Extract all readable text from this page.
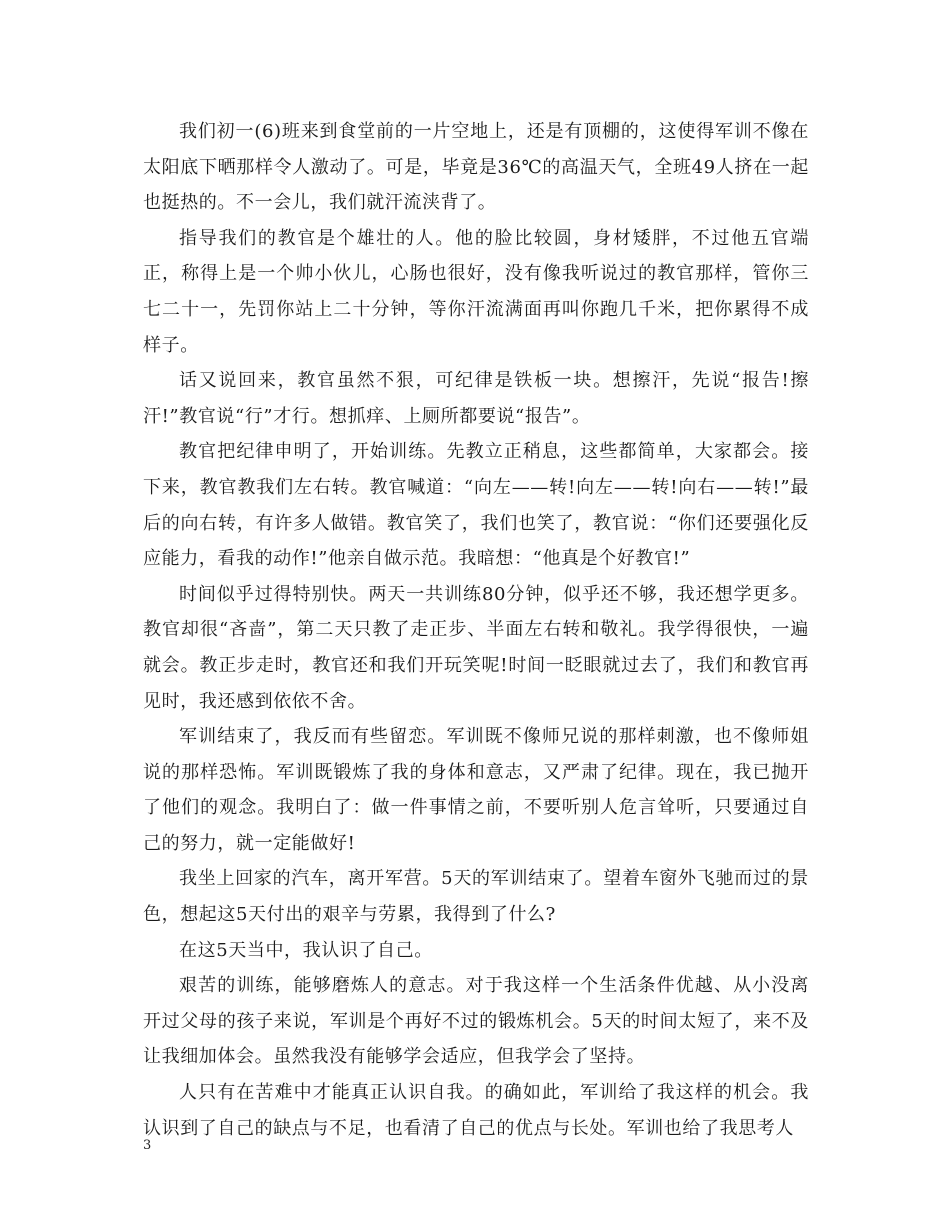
我们初一(6)班来到食堂前的一片空地上，还是有顶棚的，这使得军训不像在太阳底下晒那样令人激动了。可是，毕竟是36℃的高温天气，全班49人挤在一起也挺热的。不一会儿，我们就汗流浃背了。

指导我们的教官是个雄壮的人。他的脸比较圆，身材矮胖，不过他五官端正，称得上是一个帅小伙儿，心肠也很好，没有像我听说过的教官那样，管你三七二十一，先罚你站上二十分钟，等你汗流满面再叫你跑几千米，把你累得不成样子。

话又说回来，教官虽然不狠，可纪律是铁板一块。想擦汗，先说“报告!擦汗!”教官说“行”才行。想抓痒、上厕所都要说“报告”。

教官把纪律申明了，开始训练。先教立正稍息，这些都简单，大家都会。接下来，教官教我们左右转。教官喊道：“向左——转!向左——转!向右——转!”最后的向右转，有许多人做错。教官笑了，我们也笑了，教官说：“你们还要强化反应能力，看我的动作!”他亲自做示范。我暗想：“他真是个好教官!”

时间似乎过得特别快。两天一共训练80分钟，似乎还不够，我还想学更多。教官却很“吝啬”，第二天只教了走正步、半面左右转和敬礼。我学得很快，一遍就会。教正步走时，教官还和我们开玩笑呢!时间一眨眼就过去了，我们和教官再见时，我还感到依依不舍。

军训结束了，我反而有些留恋。军训既不像师兄说的那样刺激，也不像师姐说的那样恐怖。军训既锻炼了我的身体和意志，又严肃了纪律。现在，我已抛开了他们的观念。我明白了：做一件事情之前，不要听别人危言耸听，只要通过自己的努力，就一定能做好!

我坐上回家的汽车，离开军营。5天的军训结束了。望着车窗外飞驰而过的景色，想起这5天付出的艰辛与劳累，我得到了什么?

在这5天当中，我认识了自己。

艰苦的训练，能够磨炼人的意志。对于我这样一个生活条件优越、从小没离开过父母的孩子来说，军训是个再好不过的锻炼机会。5天的时间太短了，来不及让我细加体会。虽然我没有能够学会适应，但我学会了坚持。

人只有在苦难中才能真正认识自我。的确如此，军训给了我这样的机会。我认识到了自己的缺点与不足，也看清了自己的优点与长处。军训也给了我思考人

3
